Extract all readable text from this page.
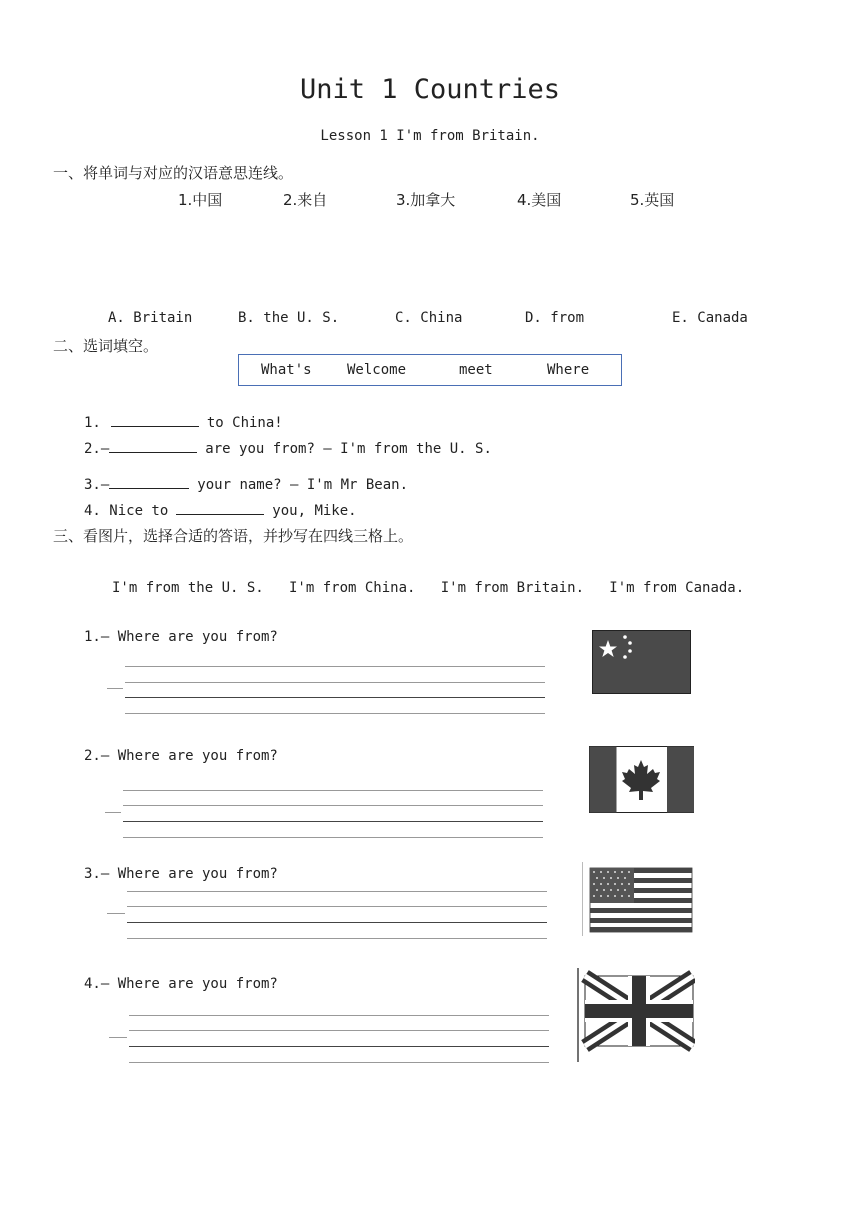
Unit 1 Countries
Lesson 1 I'm from Britain.
一、将单词与对应的汉语意思连线。
1.中国	2.来自	3.加拿大	4.美国	5.英国
A. Britain	B. the U. S.	C. China	D. from	E. Canada
二、选词填空。
What's	Welcome	meet	Where
1.	to China!
2.—	are you from? — I'm from the U. S.
3.—	your name? — I'm Mr Bean.
4. Nice to	you, Mike.
三、看图片，选择合适的答语，并抄写在四线三格上。
I'm from the U. S.   I'm from China.   I'm from Britain.   I'm from Canada.
1.— Where are you from?
2.— Where are you from?
3.— Where are you from?
4.— Where are you from?
